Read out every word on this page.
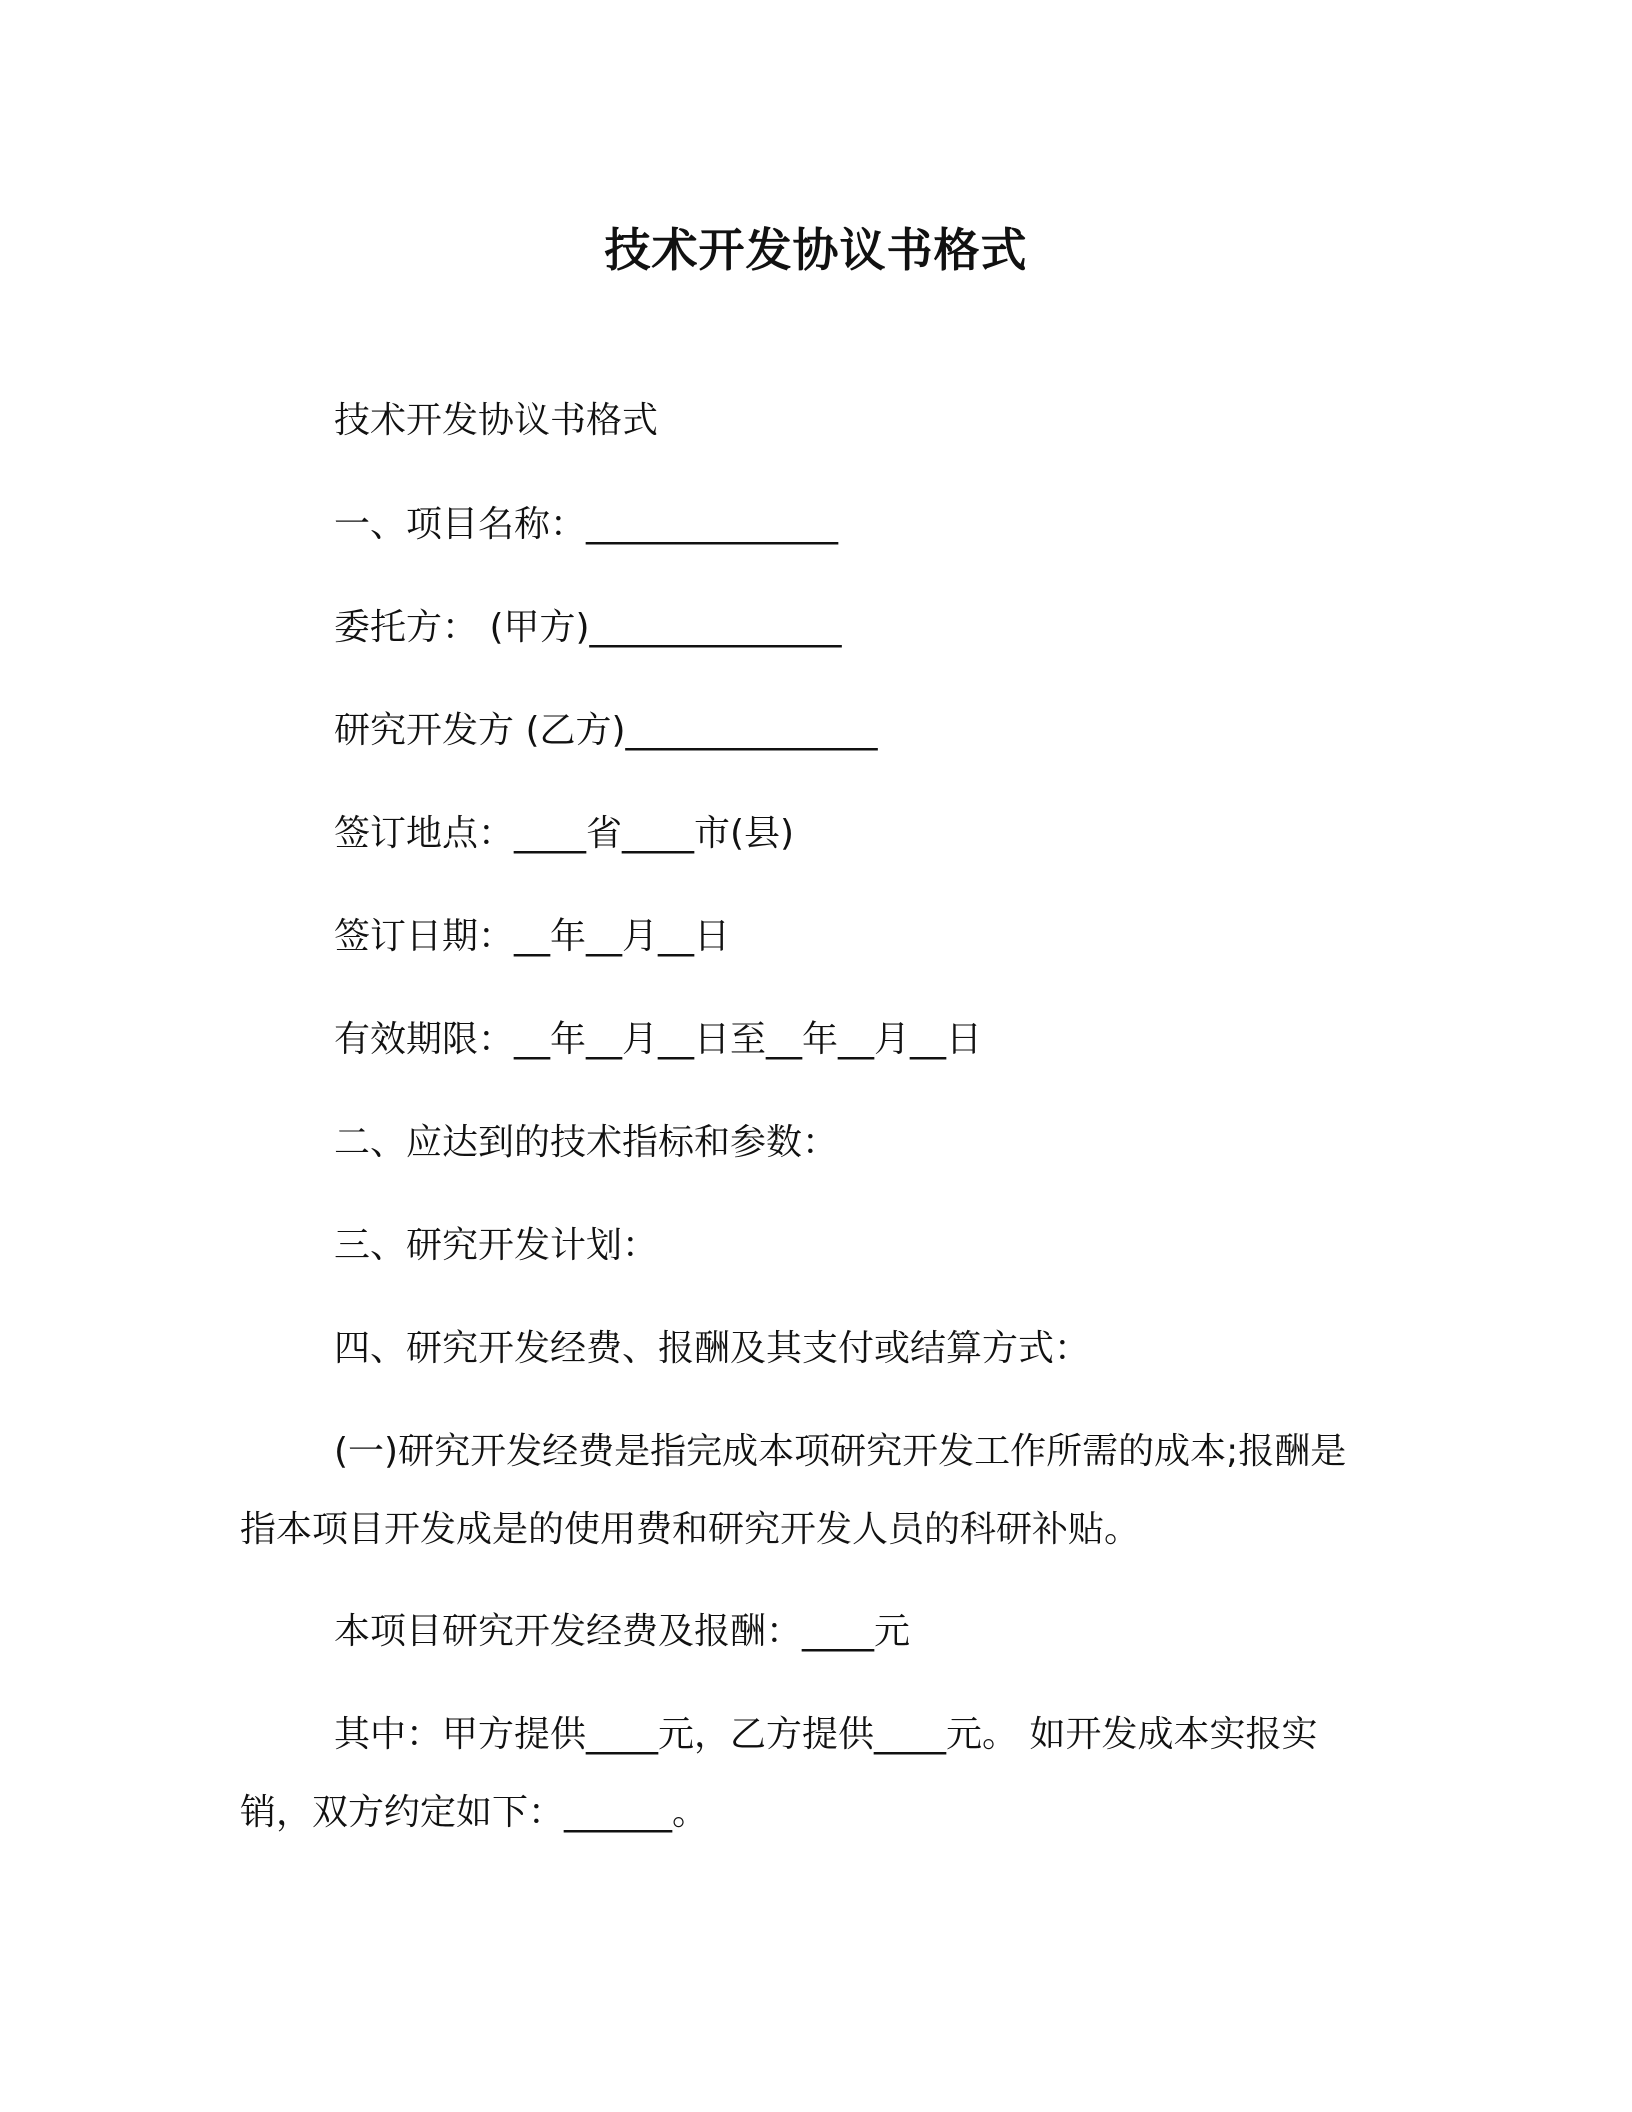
技术开发协议书格式

技术开发协议书格式

一、项目名称：______________

委托方： (甲方)______________

研究开发方 (乙方)______________

签订地点：____省____市(县)

签订日期：__年__月__日

有效期限：__年__月__日至__年__月__日

二、应达到的技术指标和参数：

三、研究开发计划：

四、研究开发经费、报酬及其支付或结算方式：

(一)研究开发经费是指完成本项研究开发工作所需的成本;报酬是指本项目开发成是的使用费和研究开发人员的科研补贴。

本项目研究开发经费及报酬：____元

其中：甲方提供____元，乙方提供____元。 如开发成本实报实销，双方约定如下：______。
